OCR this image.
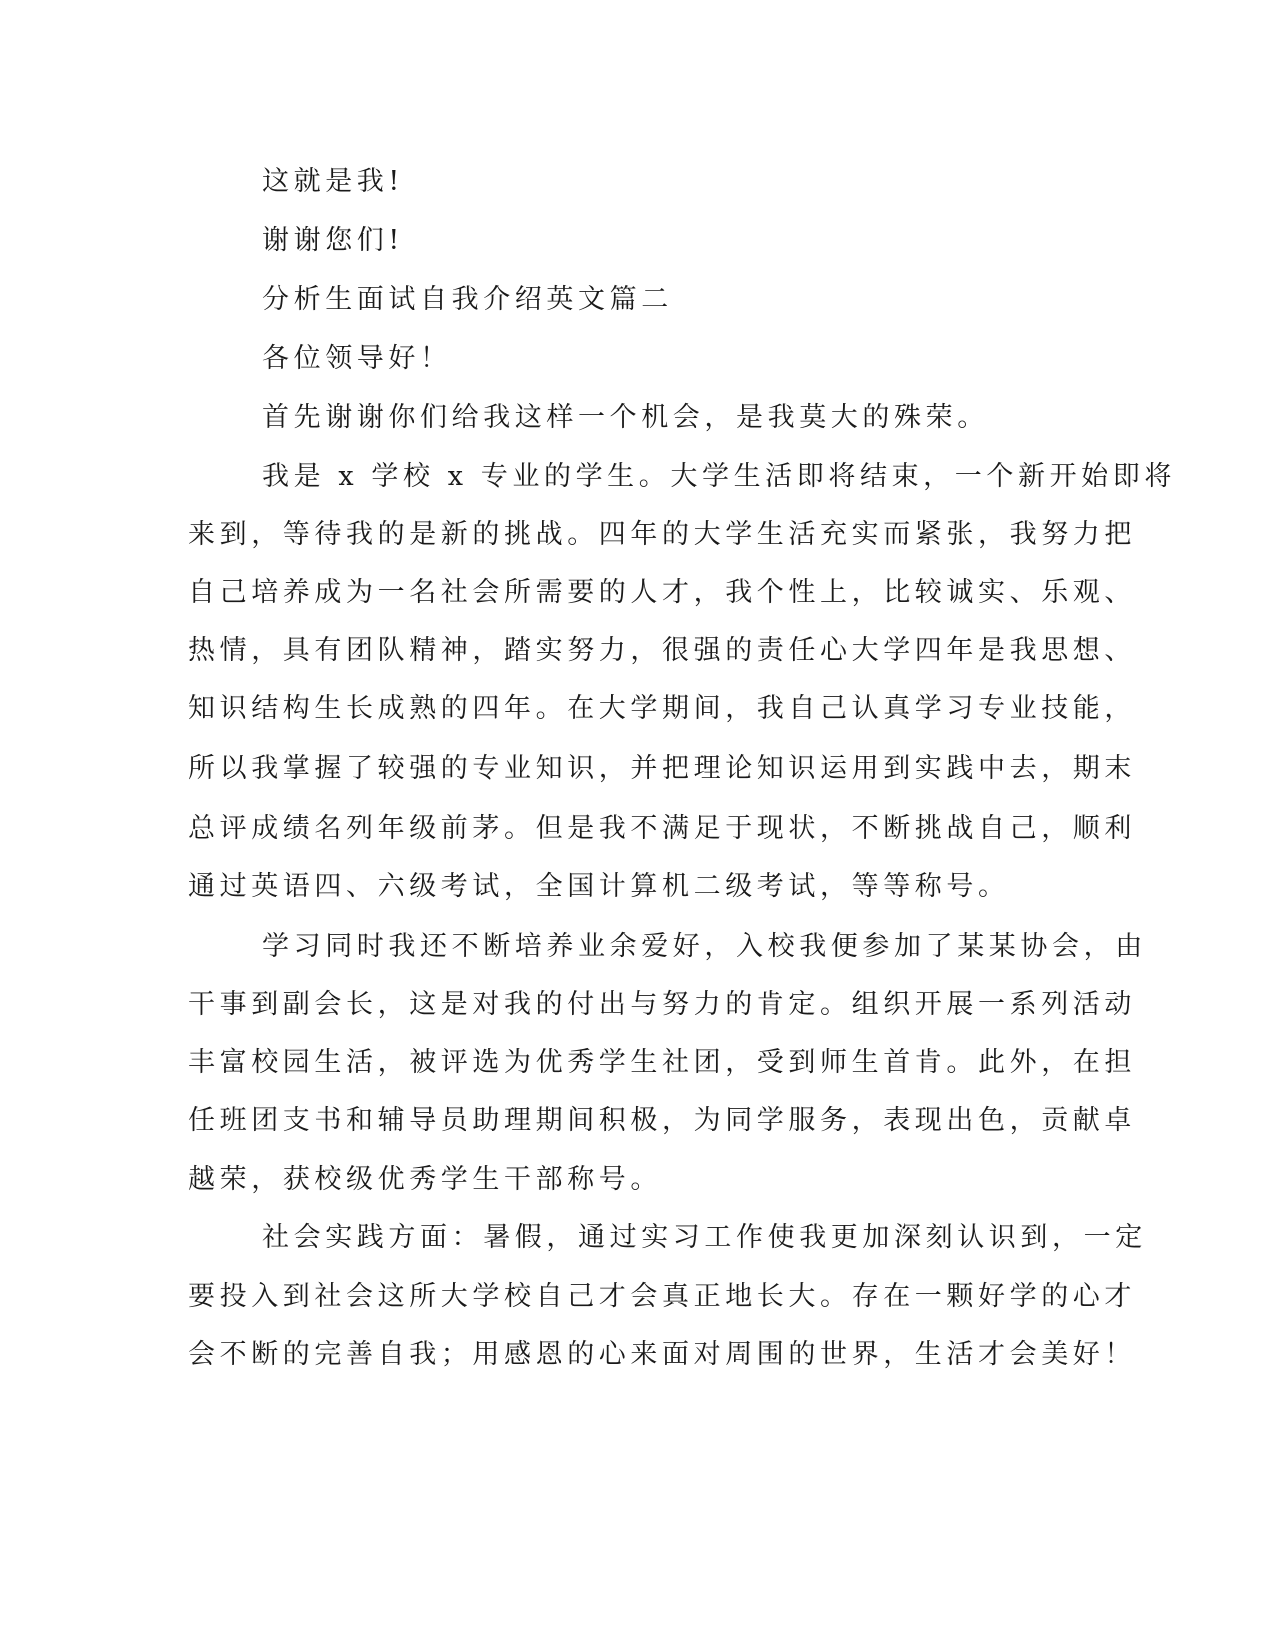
这就是我!
谢谢您们!
分析生面试自我介绍英文篇二
各位领导好！
首先谢谢你们给我这样一个机会，是我莫大的殊荣。
我是 x 学校 x 专业的学生。大学生活即将结束，一个新开始即将
来到，等待我的是新的挑战。四年的大学生活充实而紧张，我努力把
自己培养成为一名社会所需要的人才，我个性上，比较诚实、乐观、
热情，具有团队精神，踏实努力，很强的责任心大学四年是我思想、
知识结构生长成熟的四年。在大学期间，我自己认真学习专业技能，
所以我掌握了较强的专业知识，并把理论知识运用到实践中去，期末
总评成绩名列年级前茅。但是我不满足于现状，不断挑战自己，顺利
通过英语四、六级考试，全国计算机二级考试，等等称号。
学习同时我还不断培养业余爱好，入校我便参加了某某协会，由
干事到副会长，这是对我的付出与努力的肯定。组织开展一系列活动
丰富校园生活，被评选为优秀学生社团，受到师生首肯。此外，在担
任班团支书和辅导员助理期间积极，为同学服务，表现出色，贡献卓
越荣，获校级优秀学生干部称号。
社会实践方面：暑假，通过实习工作使我更加深刻认识到，一定
要投入到社会这所大学校自己才会真正地长大。存在一颗好学的心才
会不断的完善自我；用感恩的心来面对周围的世界，生活才会美好！
